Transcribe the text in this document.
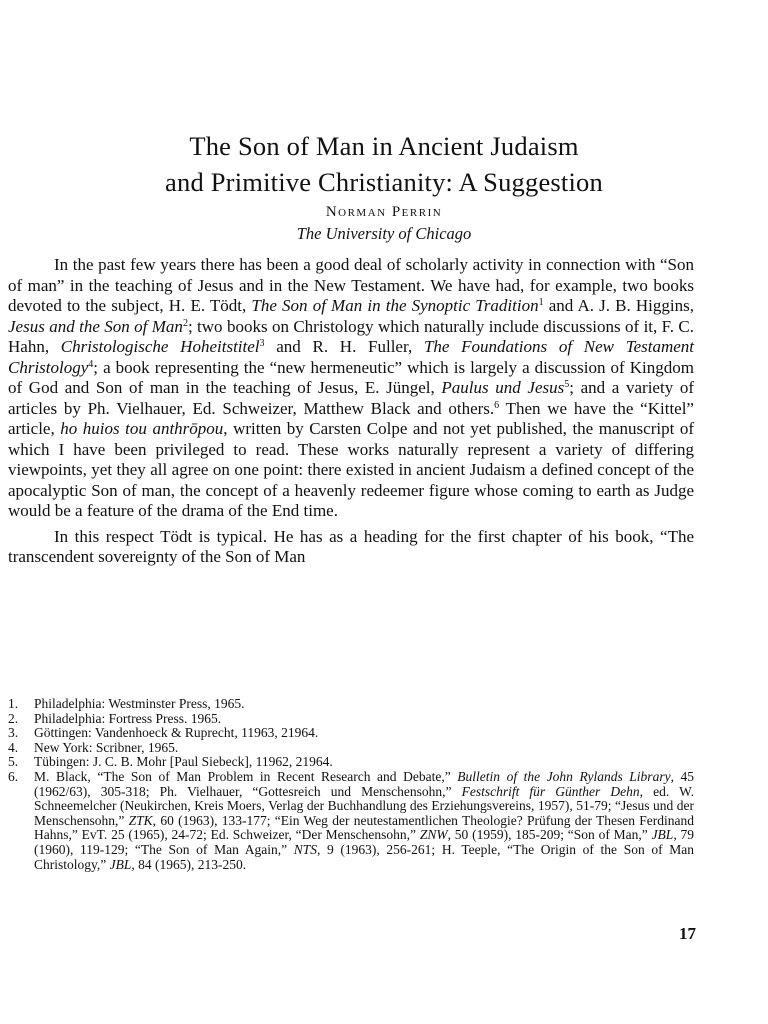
The Son of Man in Ancient Judaism
and Primitive Christianity: A Suggestion

Norman Perrin

The University of Chicago

In the past few years there has been a good deal of scholarly activity in connection with “Son of man” in the teaching of Jesus and in the New Testament. We have had, for example, two books devoted to the subject, H. E. Tödt, The Son of Man in the Synoptic Tradition$^1$ and A. J. B. Higgins, Jesus and the Son of Man$^2$; two books on Christology which naturally include discussions of it, F. C. Hahn, Christologische Hoheitstitel$^3$ and R. H. Fuller, The Foundations of New Testament Christology$^4$; a book representing the “new hermeneutic” which is largely a discussion of Kingdom of God and Son of man in the teaching of Jesus, E. Jüngel, Paulus und Jesus$^5$; and a variety of articles by Ph. Vielhauer, Ed. Schweizer, Matthew Black and others.$^6$ Then we have the “Kittel” article, ho huios tou anthrōpou, written by Carsten Colpe and not yet published, the manuscript of which I have been privileged to read. These works naturally represent a variety of differing viewpoints, yet they all agree on one point: there existed in ancient Judaism a defined concept of the apocalyptic Son of man, the concept of a heavenly redeemer figure whose coming to earth as Judge would be a feature of the drama of the End time.

In this respect Tödt is typical. He has as a heading for the first chapter of his book, “The transcendent sovereignty of the Son of Man

1.	Philadelphia: Westminster Press, 1965.
2.	Philadelphia: Fortress Press. 1965.
3.	Göttingen: Vandenhoeck & Ruprecht, 11963, 21964.
4.	New York: Scribner, 1965.
5.	Tübingen: J. C. B. Mohr [Paul Siebeck], 11962, 21964.
6.	M. Black, “The Son of Man Problem in Recent Research and Debate,” Bulletin of the John Rylands Library, 45 (1962/63), 305-318; Ph. Vielhauer, “Gottesreich und Menschensohn,” Festschrift für Günther Dehn, ed. W. Schneemelcher (Neukirchen, Kreis Moers, Verlag der Buchhandlung des Erziehungsvereins, 1957), 51-79; “Jesus und der Menschensohn,” ZTK, 60 (1963), 133-177; “Ein Weg der neutestamentlichen Theologie? Prüfung der Thesen Ferdinand Hahns,” EvT. 25 (1965), 24-72; Ed. Schweizer, “Der Menschensohn,” ZNW, 50 (1959), 185-209; “Son of Man,” JBL, 79 (1960), 119-129; “The Son of Man Again,” NTS, 9 (1963), 256-261; H. Teeple, “The Origin of the Son of Man Christology,” JBL, 84 (1965), 213-250.
17
